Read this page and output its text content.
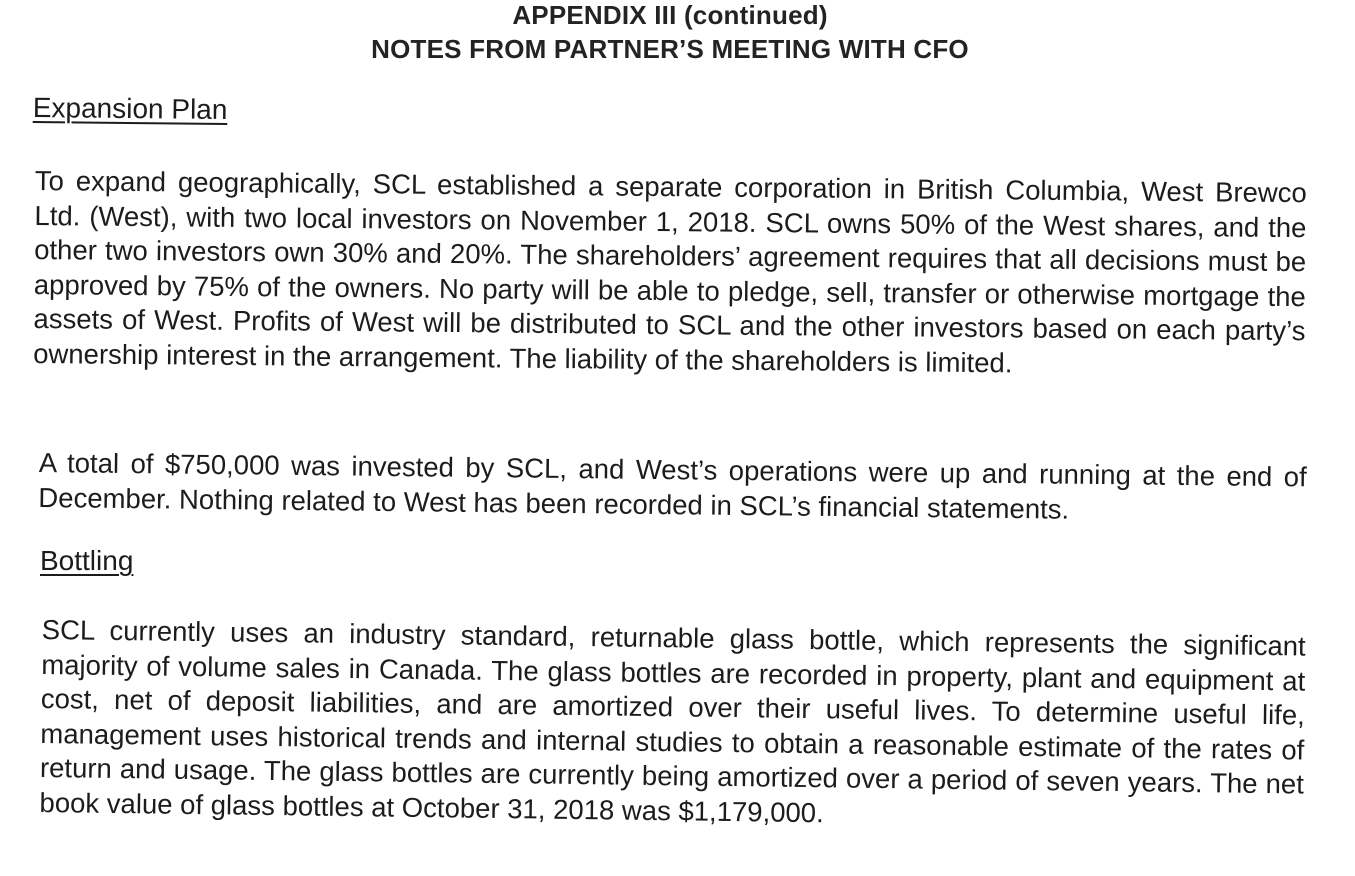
APPENDIX III (continued)
NOTES FROM PARTNER’S MEETING WITH CFO
Expansion Plan
To expand geographically, SCL established a separate corporation in British Columbia, West Brewco Ltd. (West), with two local investors on November 1, 2018. SCL owns 50% of the West shares, and the other two investors own 30% and 20%. The shareholders’ agreement requires that all decisions must be approved by 75% of the owners. No party will be able to pledge, sell, transfer or otherwise mortgage the assets of West. Profits of West will be distributed to SCL and the other investors based on each party’s ownership interest in the arrangement. The liability of the shareholders is limited.
A total of $750,000 was invested by SCL, and West’s operations were up and running at the end of December. Nothing related to West has been recorded in SCL’s financial statements.
Bottling
SCL currently uses an industry standard, returnable glass bottle, which represents the significant majority of volume sales in Canada. The glass bottles are recorded in property, plant and equipment at cost, net of deposit liabilities, and are amortized over their useful lives. To determine useful life, management uses historical trends and internal studies to obtain a reasonable estimate of the rates of return and usage. The glass bottles are currently being amortized over a period of seven years. The net book value of glass bottles at October 31, 2018 was $1,179,000.
